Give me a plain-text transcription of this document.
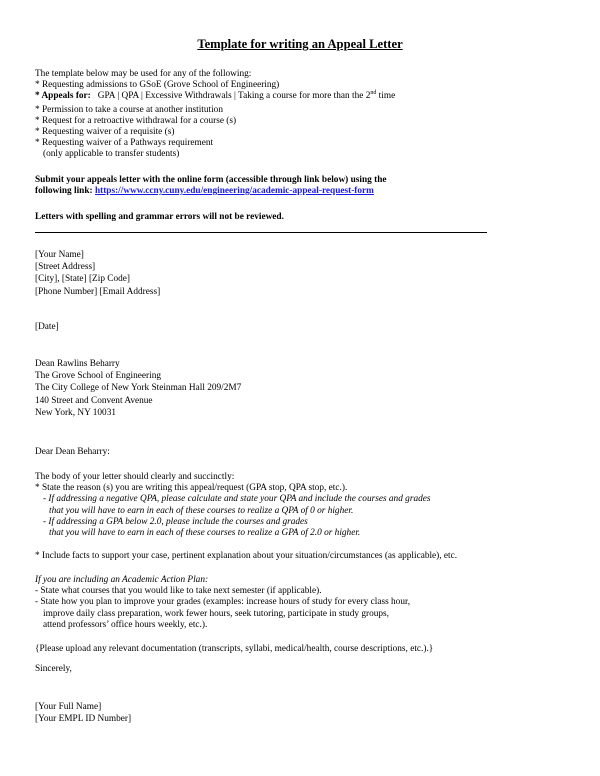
Template for writing an Appeal Letter
The template below may be used for any of the following:
* Requesting admissions to GSoE (Grove School of Engineering)
* Appeals for: GPA | QPA | Excessive Withdrawals | Taking a course for more than the 2nd time
* Permission to take a course at another institution
* Request for a retroactive withdrawal for a course (s)
* Requesting waiver of a requisite (s)
* Requesting waiver of a Pathways requirement
(only applicable to transfer students)
Submit your appeals letter with the online form (accessible through link below) using the
following link: https://www.ccny.cuny.edu/engineering/academic-appeal-request-form
Letters with spelling and grammar errors will not be reviewed.
[Your Name]
[Street Address]
[City], [State] [Zip Code]
[Phone Number] [Email Address]
[Date]
Dean Rawlins Beharry
The Grove School of Engineering
The City College of New York Steinman Hall 209/2M7
140 Street and Convent Avenue
New York, NY 10031
Dear Dean Beharry:
The body of your letter should clearly and succinctly:
* State the reason (s) you are writing this appeal/request (GPA stop, QPA stop, etc.).
- If addressing a negative QPA, please calculate and state your QPA and include the courses and grades
that you will have to earn in each of these courses to realize a QPA of 0 or higher.
- If addressing a GPA below 2.0, please include the courses and grades
that you will have to earn in each of these courses to realize a GPA of 2.0 or higher.
* Include facts to support your case, pertinent explanation about your situation/circumstances (as applicable), etc.
If you are including an Academic Action Plan:
- State what courses that you would like to take next semester (if applicable).
- State how you plan to improve your grades (examples: increase hours of study for every class hour,
improve daily class preparation, work fewer hours, seek tutoring, participate in study groups,
attend professors’ office hours weekly, etc.).
{Please upload any relevant documentation (transcripts, syllabi, medical/health, course descriptions, etc.).}
Sincerely,
[Your Full Name]
[Your EMPL ID Number]
